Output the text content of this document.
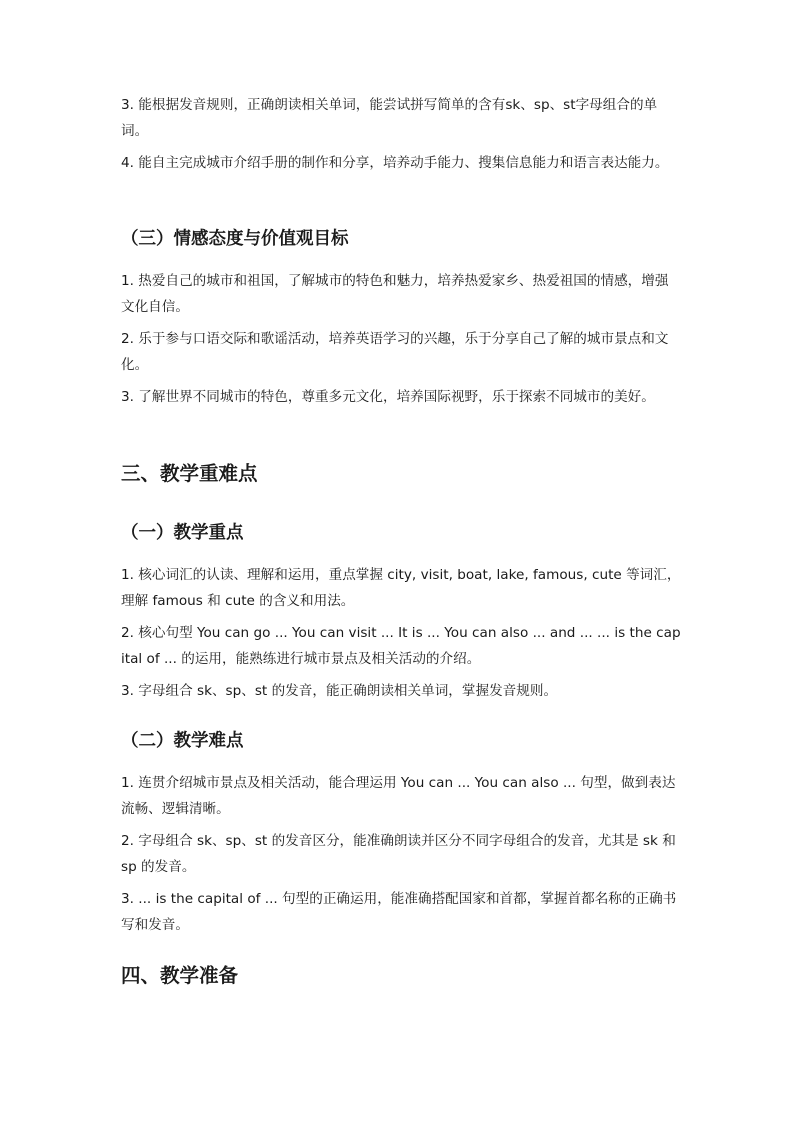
3. 能根据发音规则，正确朗读相关单词，能尝试拼写简单的含有sk、sp、st字母组合的单词。

4. 能自主完成城市介绍手册的制作和分享，培养动手能力、搜集信息能力和语言表达能力。

（三）情感态度与价值观目标

1. 热爱自己的城市和祖国，了解城市的特色和魅力，培养热爱家乡、热爱祖国的情感，增强文化自信。

2. 乐于参与口语交际和歌谣活动，培养英语学习的兴趣，乐于分享自己了解的城市景点和文化。

3. 了解世界不同城市的特色，尊重多元文化，培养国际视野，乐于探索不同城市的美好。

三、教学重难点
（一）教学重点

1. 核心词汇的认读、理解和运用，重点掌握 city, visit, boat, lake, famous, cute 等词汇，理解 famous 和 cute 的含义和用法。

2. 核心句型 You can go ... You can visit ... It is ... You can also ... and ... ... is the capital of ... 的运用，能熟练进行城市景点及相关活动的介绍。

3. 字母组合 sk、sp、st 的发音，能正确朗读相关单词，掌握发音规则。

（二）教学难点

1. 连贯介绍城市景点及相关活动，能合理运用 You can ... You can also ... 句型，做到表达流畅、逻辑清晰。

2. 字母组合 sk、sp、st 的发音区分，能准确朗读并区分不同字母组合的发音，尤其是 sk 和 sp 的发音。

3. ... is the capital of ... 句型的正确运用，能准确搭配国家和首都，掌握首都名称的正确书写和发音。

四、教学准备
